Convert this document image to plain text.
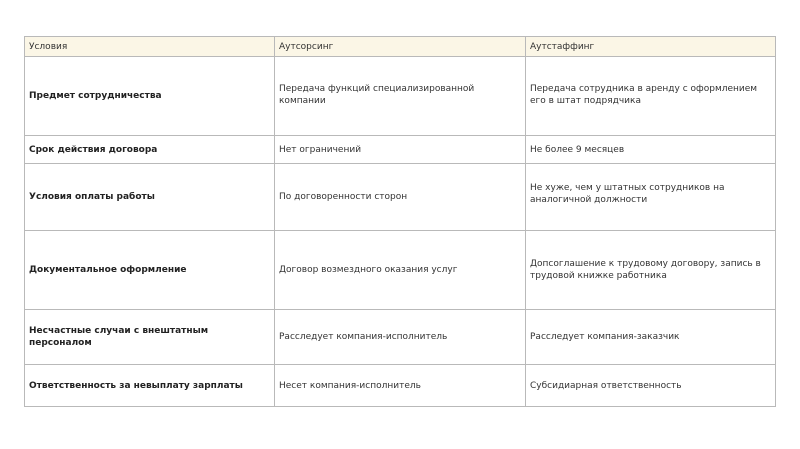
Условия	Аутсорсинг	Аутстаффинг
Предмет сотрудничества	Передача функций специализированной компании	Передача сотрудника в аренду с оформлением его в штат подрядчика
Срок действия договора	Нет ограничений	Не более 9 месяцев
Условия оплаты работы	По договоренности сторон	Не хуже, чем у штатных сотрудников на аналогичной должности
Документальное оформление	Договор возмездного оказания услуг	Допсоглашение к трудовому договору, запись в трудовой книжке работника
Несчастные случаи с внештатным персоналом	Расследует компания-исполнитель	Расследует компания-заказчик
Ответственность за невыплату зарплаты	Несет компания-исполнитель	Субсидиарная ответственность
